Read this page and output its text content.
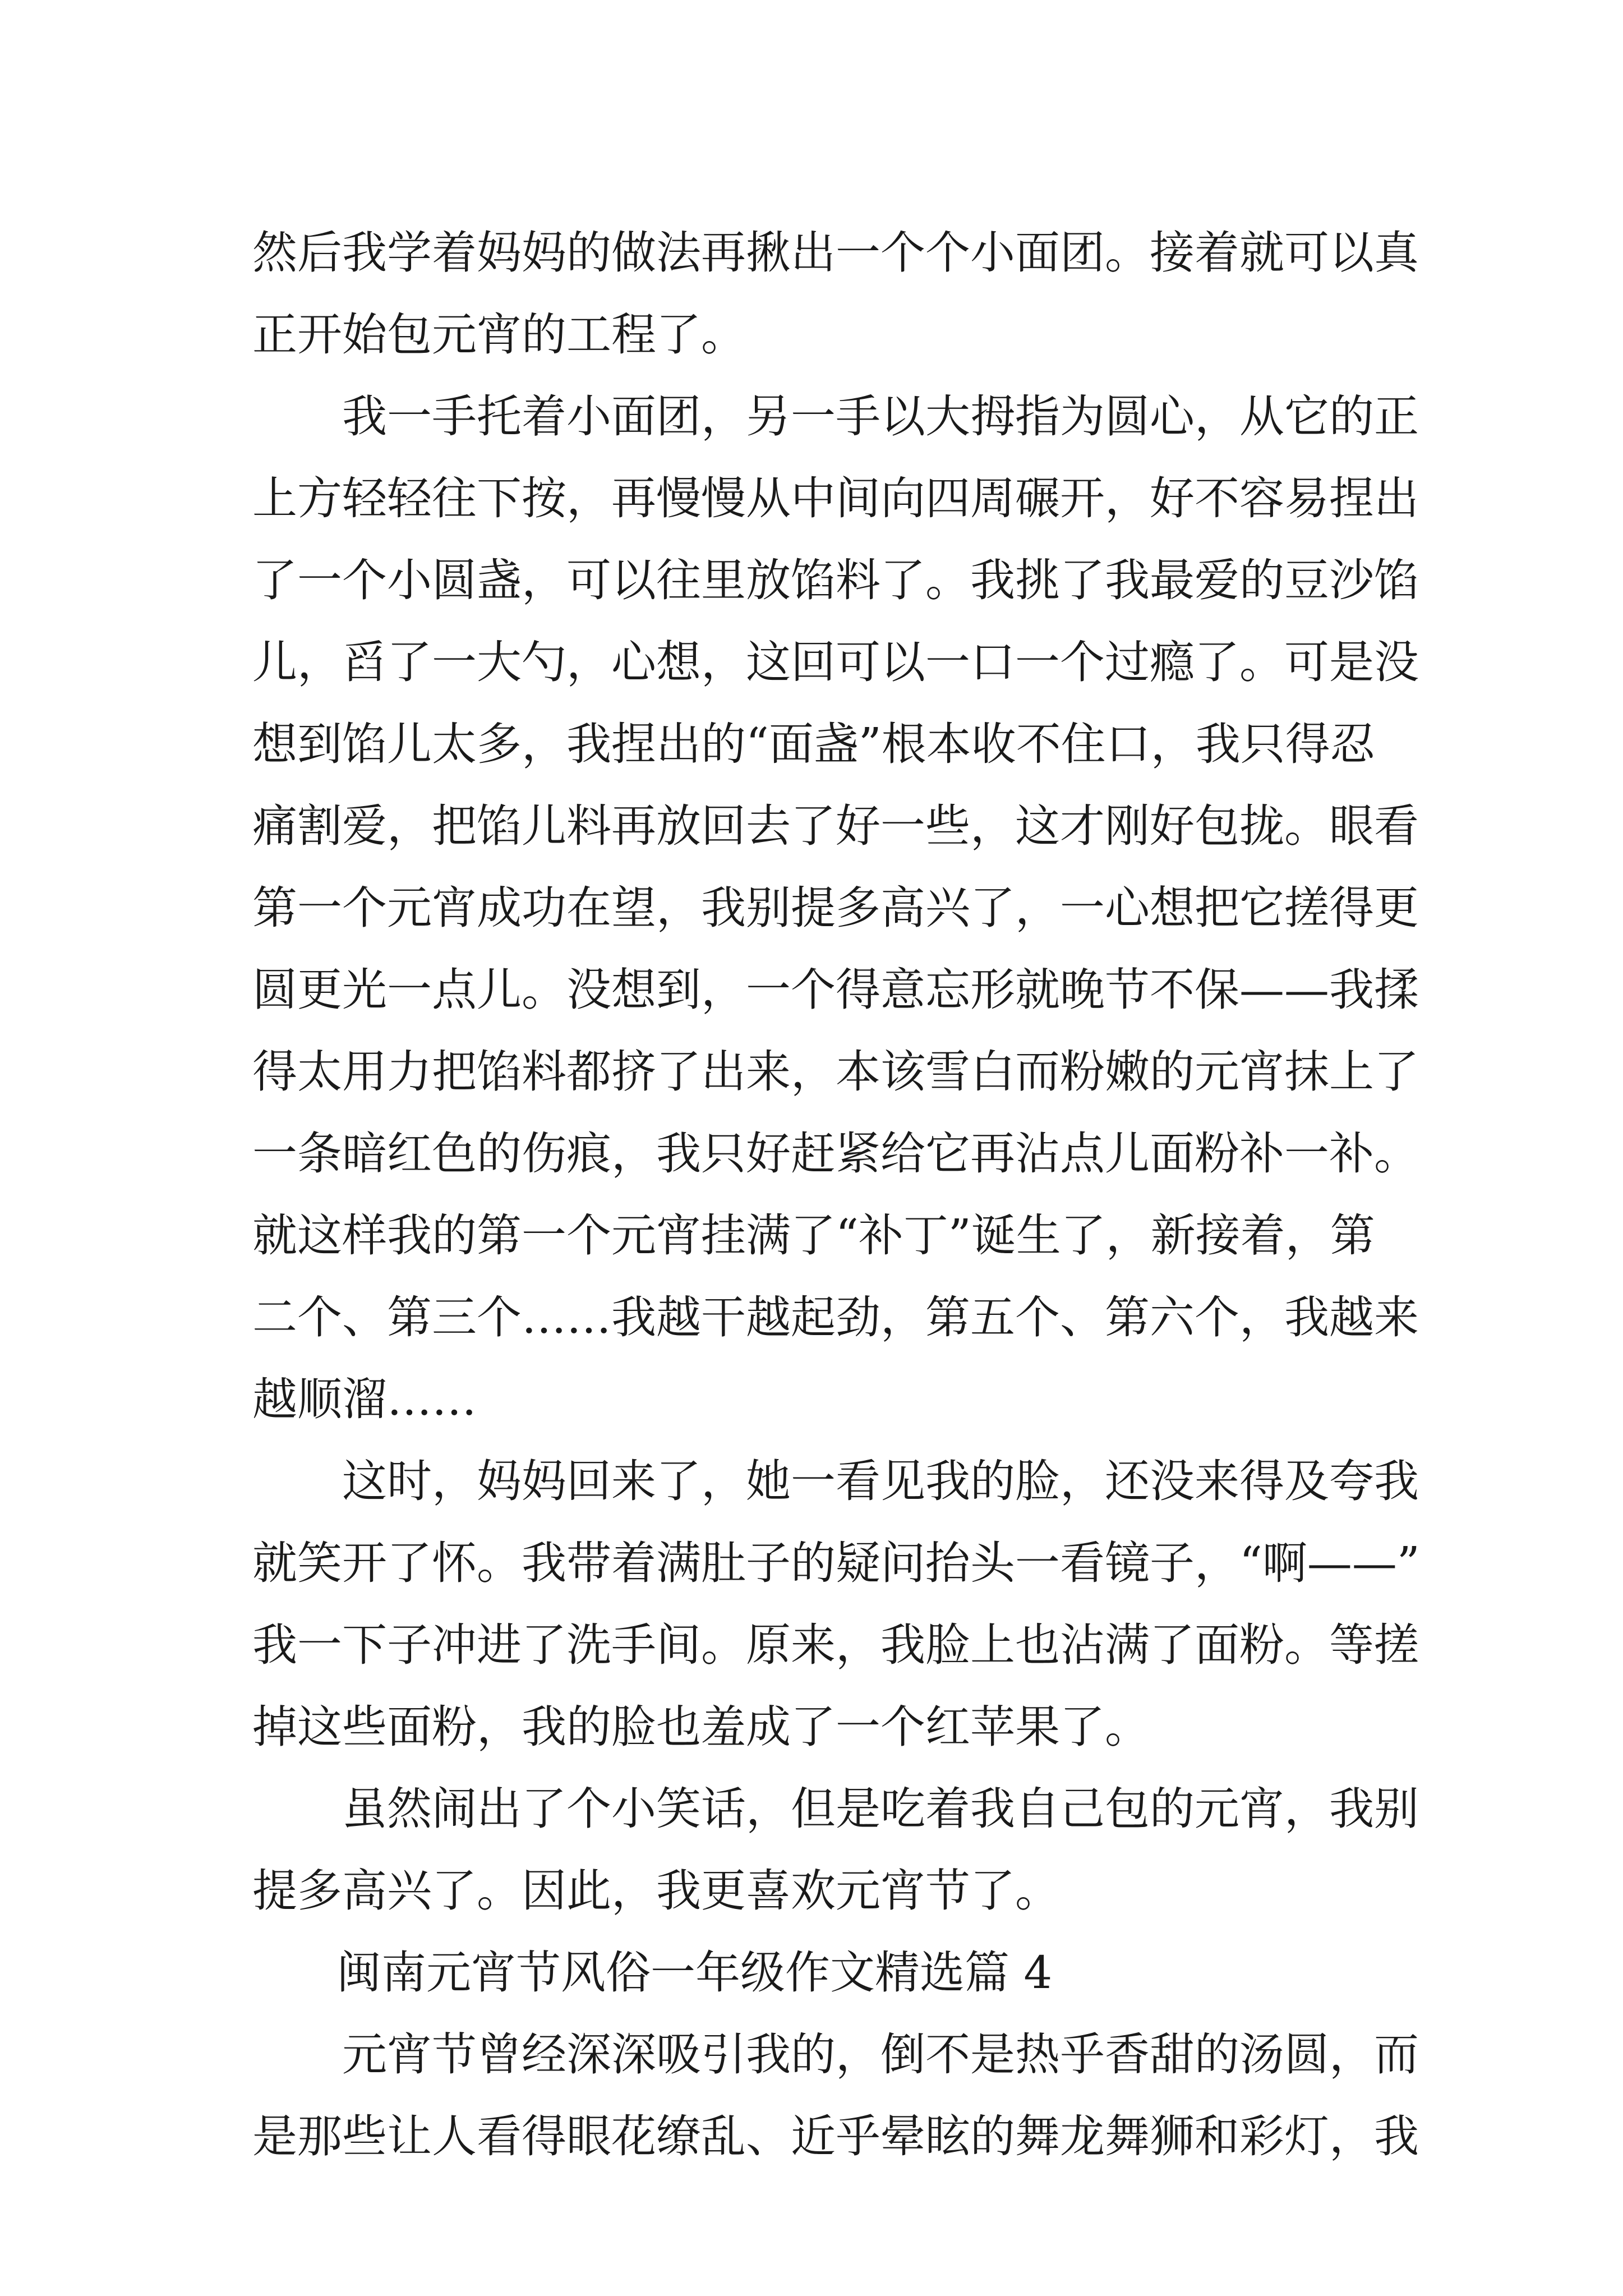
然后我学着妈妈的做法再揪出一个个小面团。接着就可以真
正开始包元宵的工程了。
我一手托着小面团，另一手以大拇指为圆心，从它的正
上方轻轻往下按，再慢慢从中间向四周碾开，好不容易捏出
了一个小圆盏，可以往里放馅料了。我挑了我最爱的豆沙馅
儿，舀了一大勺，心想，这回可以一口一个过瘾了。可是没
想到馅儿太多，我捏出的“面盏”根本收不住口，我只得忍
痛割爱，把馅儿料再放回去了好一些，这才刚好包拢。眼看
第一个元宵成功在望，我别提多高兴了，一心想把它搓得更
圆更光一点儿。没想到，一个得意忘形就晚节不保——我揉
得太用力把馅料都挤了出来，本该雪白而粉嫩的元宵抹上了
一条暗红色的伤痕，我只好赶紧给它再沾点儿面粉补一补。
就这样我的第一个元宵挂满了“补丁”诞生了，新接着，第
二个、第三个……我越干越起劲，第五个、第六个，我越来
越顺溜……
这时，妈妈回来了，她一看见我的脸，还没来得及夸我
就笑开了怀。我带着满肚子的疑问抬头一看镜子，“啊——”
我一下子冲进了洗手间。原来，我脸上也沾满了面粉。等搓
掉这些面粉，我的脸也羞成了一个红苹果了。
虽然闹出了个小笑话，但是吃着我自己包的元宵，我别
提多高兴了。因此，我更喜欢元宵节了。
闽南元宵节风俗一年级作文精选篇 4
元宵节曾经深深吸引我的，倒不是热乎香甜的汤圆，而
是那些让人看得眼花缭乱、近乎晕眩的舞龙舞狮和彩灯，我
